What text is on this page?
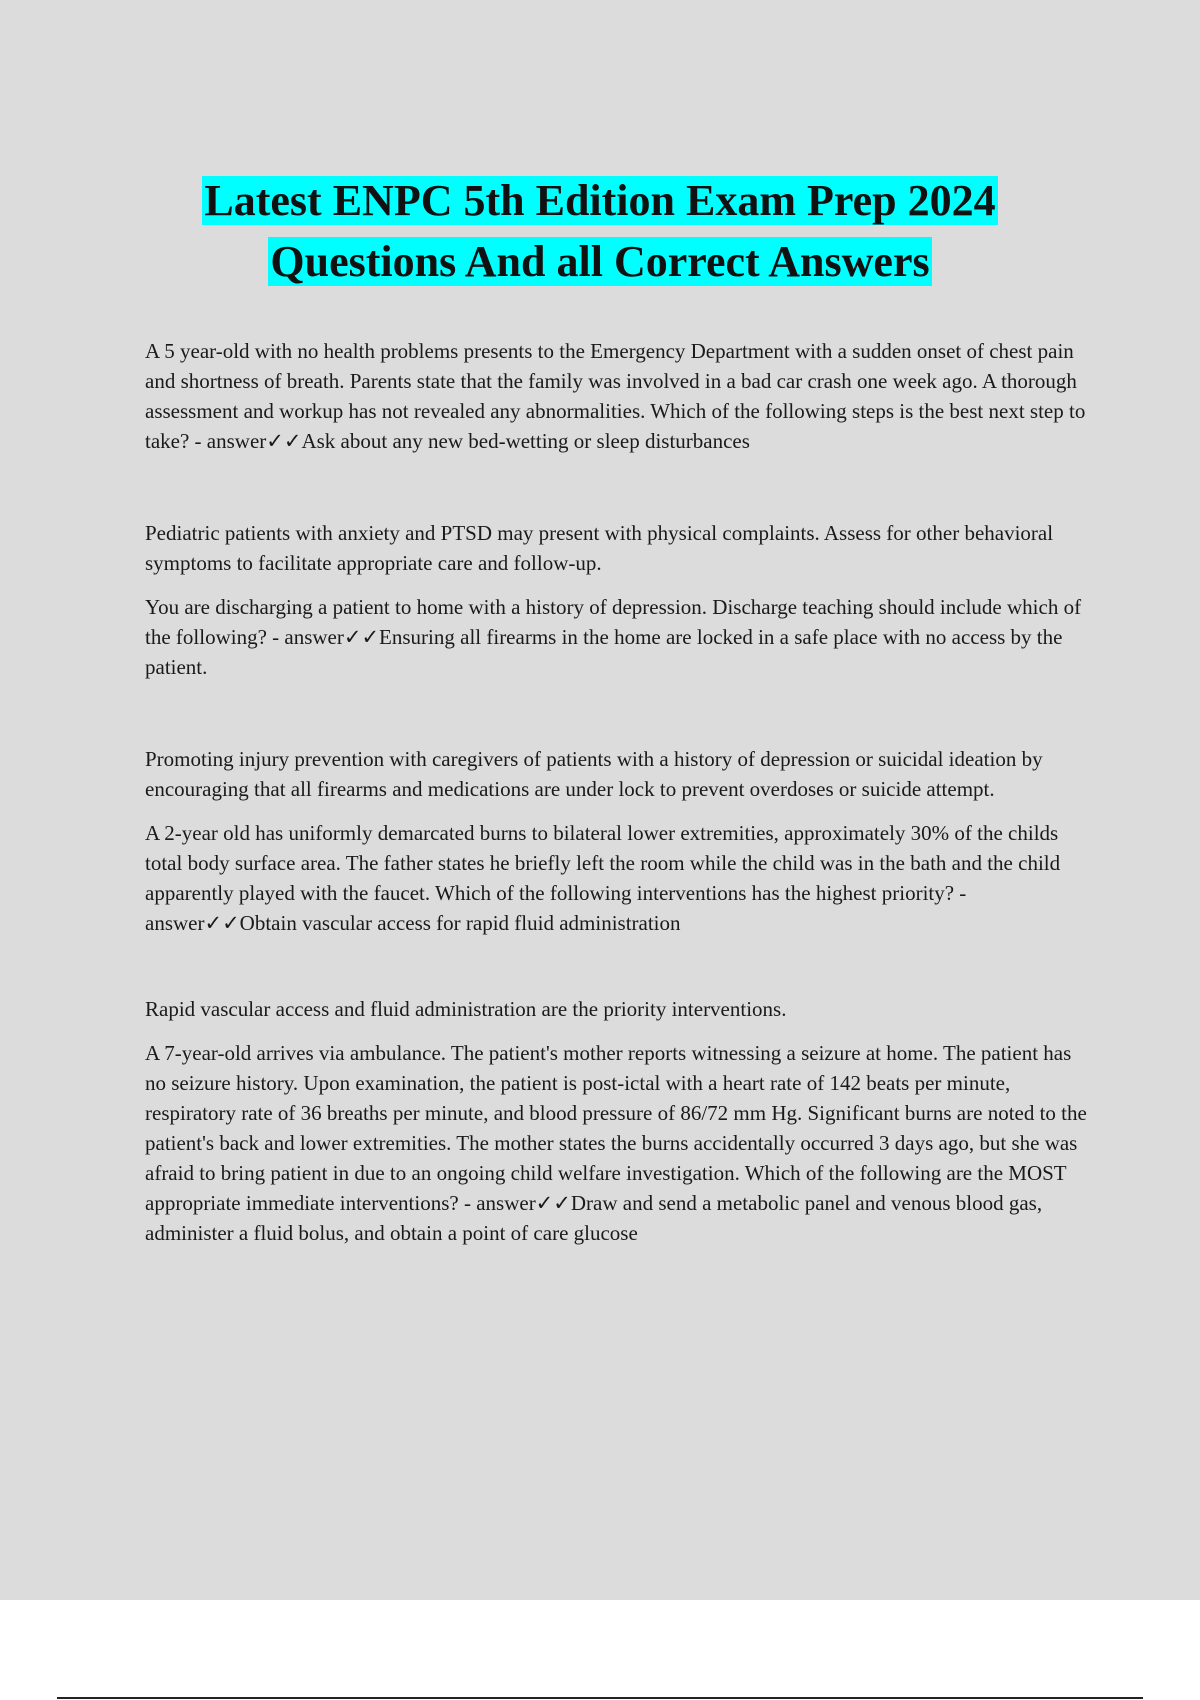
Latest ENPC 5th Edition Exam Prep 2024
Questions And all Correct Answers

A 5 year-old with no health problems presents to the Emergency Department with a sudden onset of chest pain and shortness of breath. Parents state that the family was involved in a bad car crash one week ago. A thorough assessment and workup has not revealed any abnormalities. Which of the following steps is the best next step to take? - answer✓✓Ask about any new bed-wetting or sleep disturbances

Pediatric patients with anxiety and PTSD may present with physical complaints. Assess for other behavioral symptoms to facilitate appropriate care and follow-up.

You are discharging a patient to home with a history of depression. Discharge teaching should include which of the following? - answer✓✓Ensuring all firearms in the home are locked in a safe place with no access by the patient.

Promoting injury prevention with caregivers of patients with a history of depression or suicidal ideation by encouraging that all firearms and medications are under lock to prevent overdoses or suicide attempt.

A 2-year old has uniformly demarcated burns to bilateral lower extremities, approximately 30% of the childs total body surface area. The father states he briefly left the room while the child was in the bath and the child apparently played with the faucet. Which of the following interventions has the highest priority? - answer✓✓Obtain vascular access for rapid fluid administration

Rapid vascular access and fluid administration are the priority interventions.

A 7-year-old arrives via ambulance. The patient's mother reports witnessing a seizure at home. The patient has no seizure history. Upon examination, the patient is post-ictal with a heart rate of 142 beats per minute, respiratory rate of 36 breaths per minute, and blood pressure of 86/72 mm Hg. Significant burns are noted to the patient's back and lower extremities. The mother states the burns accidentally occurred 3 days ago, but she was afraid to bring patient in due to an ongoing child welfare investigation. Which of the following are the MOST appropriate immediate interventions? - answer✓✓Draw and send a metabolic panel and venous blood gas, administer a fluid bolus, and obtain a point of care glucose
